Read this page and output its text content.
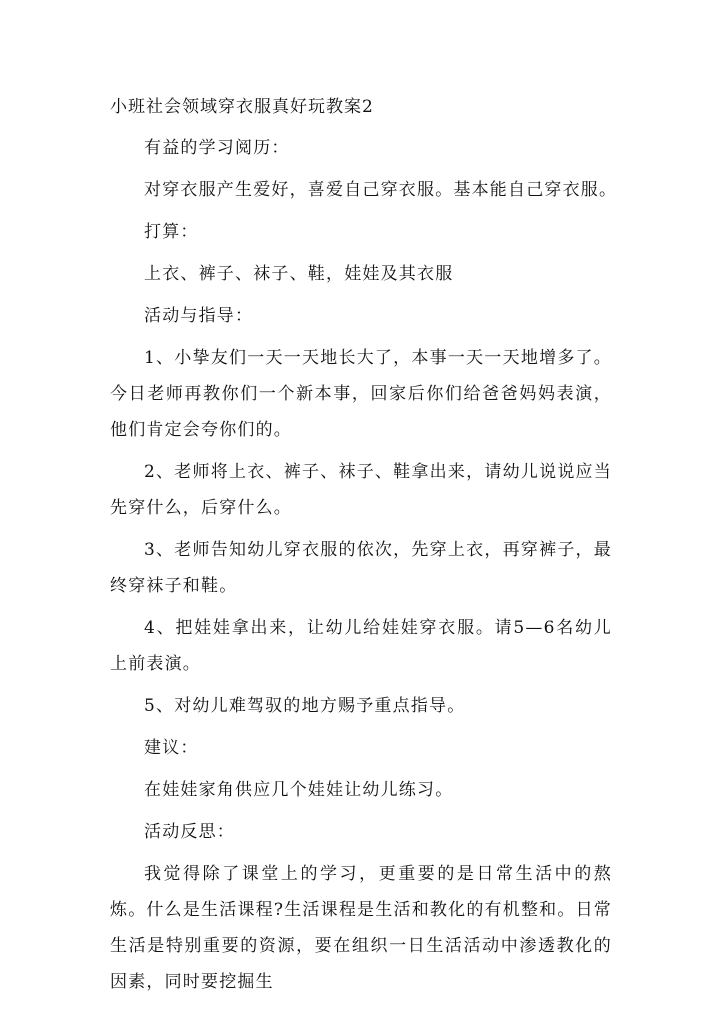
小班社会领域穿衣服真好玩教案2

有益的学习阅历：

对穿衣服产生爱好，喜爱自己穿衣服。基本能自己穿衣服。

打算：

上衣、裤子、袜子、鞋，娃娃及其衣服

活动与指导：

1、小挚友们一天一天地长大了，本事一天一天地增多了。今日老师再教你们一个新本事，回家后你们给爸爸妈妈表演，他们肯定会夸你们的。

2、老师将上衣、裤子、袜子、鞋拿出来，请幼儿说说应当先穿什么，后穿什么。

3、老师告知幼儿穿衣服的依次，先穿上衣，再穿裤子，最终穿袜子和鞋。

4、把娃娃拿出来，让幼儿给娃娃穿衣服。请5—6名幼儿上前表演。

5、对幼儿难驾驭的地方赐予重点指导。

建议：

在娃娃家角供应几个娃娃让幼儿练习。

活动反思：

我觉得除了课堂上的学习，更重要的是日常生活中的熬炼。什么是生活课程?生活课程是生活和教化的有机整和。日常生活是特别重要的资源，要在组织一日生活活动中渗透教化的因素，同时要挖掘生
